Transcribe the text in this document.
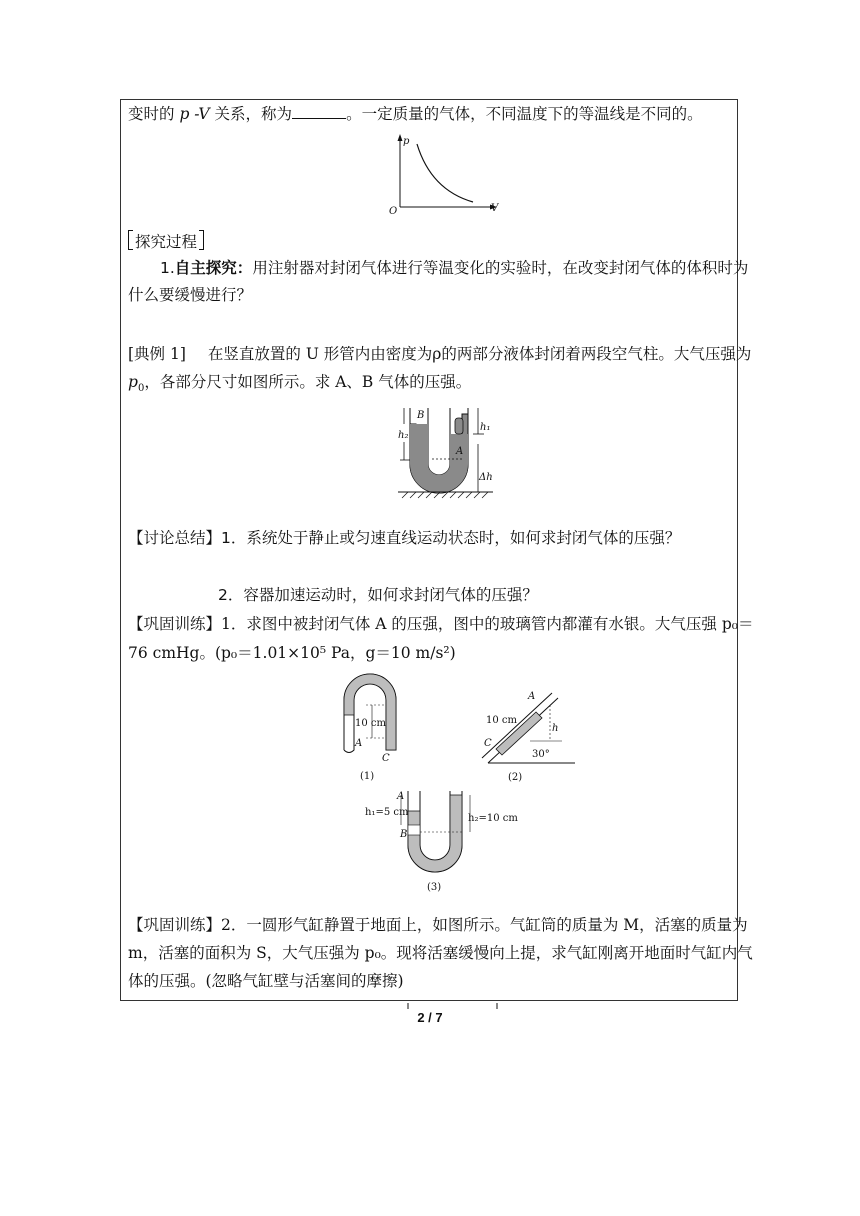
变时的 p -V 关系，称为	。一定质量的气体，不同温度下的等温线是不同的。
p
V
O
探究过程
1.自主探究：用注射器对封闭气体进行等温变化的实验时，在改变封闭气体的体积时为
什么要缓慢进行？
[典例 1] 在竖直放置的 U 形管内由密度为ρ的两部分液体封闭着两段空气柱。大气压强为
$p_0$，各部分尺寸如图所示。求 A、B 气体的压强。
B
A
h₁
h₂
Δh
【讨论总结】1．系统处于静止或匀速直线运动状态时，如何求封闭气体的压强？
2．容器加速运动时，如何求封闭气体的压强？
【巩固训练】1．求图中被封闭气体 A 的压强，图中的玻璃管内都灌有水银。大气压强 p₀＝
76 cmHg。(p₀＝1.01×10⁵ Pa，g＝10 m/s²)
10 cm
A
C
(1)
10 cm
A
C
h
30°
(2)
A
B
h₁=5 cm
h₂=10 cm
(3)
【巩固训练】2．一圆形气缸静置于地面上，如图所示。气缸筒的质量为 M，活塞的质量为
m，活塞的面积为 S，大气压强为 p₀。现将活塞缓慢向上提，求气缸刚离开地面时气缸内气
体的压强。(忽略气缸壁与活塞间的摩擦)
2 / 7
